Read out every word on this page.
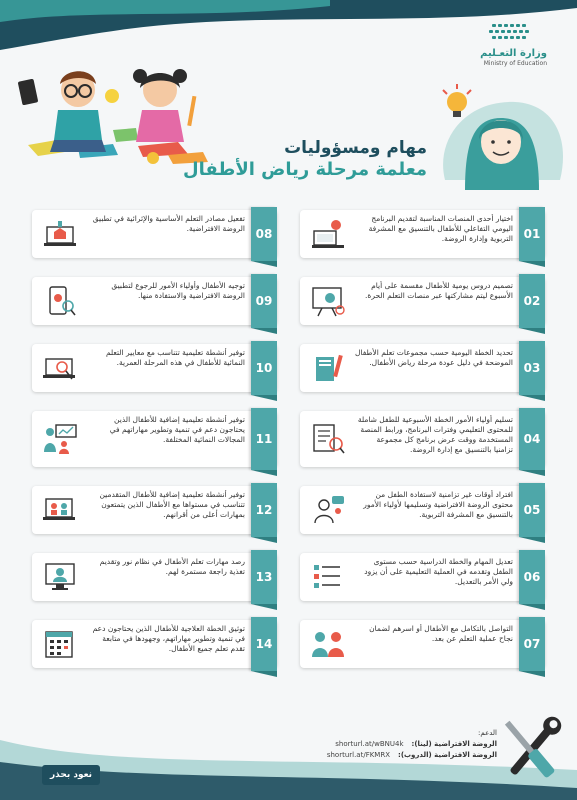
وزارة التعـليم
Ministry of Education
مهام ومسؤوليات
معلمة مرحلة رياض الأطفال
01
اختيار أحدى المنصات المناسبة لتقديم البرنامج اليومي التفاعلي للأطفال بالتنسيق مع المشرفة التربوية وإدارة الروضة.
02
تصميم دروس يومية للأطفال مقسمة على أيام الأسبوع ليتم مشاركتها عبر منصات التعلم الحرة.
03
تحديد الخطة اليومية حسب مجموعات تعلم الأطفال الموضحة في دليل عودة مرحلة رياض الأطفال.
04
تسليم أولياء الأمور الخطة الأسبوعية للطفل شاملة للمحتوى التعليمي وفترات البرنامج، ورابط المنصة المستخدمة ووقت عرض برنامج كل مجموعة تزامنيا بالتنسيق مع إدارة الروضة.
05
افتراد أوقات غير تزامنية لاستفادة الطفل من محتوى الروضة الافتراضية وتسليمها لأولياء الأمور بالتنسيق مع المشرفة التربوية.
06
تعديل المهام والخطة الدراسية حسب مستوى الطفل وتقدمه في العملية التعليمية على أن يزود ولي الأمر بالتعديل.
07
التواصل بالتكامل مع الأطفال أو اسرهم لضمان نجاح عملية التعلم عن بعد.
08
تفعيل مصادر التعلم الأساسية والإثرائية في تطبيق الروضة الافتراضية.
09
توجيه الأطفال وأولياء الأمور للرجوع لتطبيق الروضة الافتراضية والاستفادة منها.
10
توفير أنشطة تعليمية تتناسب مع معايير التعلم النمائية للأطفال في هذه المرحلة العمرية.
11
توفير أنشطة تعليمية إضافية للأطفال الذين يحتاجون دعم في تنمية وتطوير مهاراتهم في المجالات النمائية المختلفة.
12
توفير أنشطة تعليمية إضافية للأطفال المتقدمين تتناسب في مستواها مع الأطفال الذين يتمتعون بمهارات أعلى من أقرانهم.
13
رصد مهارات تعلم الأطفال في نظام نور وتقديم تغذية راجعة مستمرة لهم.
14
توثيق الخطة العلاجية للأطفال الذين يحتاجون دعم في تنمية وتطوير مهاراتهم، وجهودها في متابعة تقدم تعلم جميع الأطفال.
الدعم:
shorturl.at/wBNU4k الروضة الافتراضية (لينا):
shorturl.at/FKMRX الروضة الافتراضية (الدروب):
نعود بحذر
